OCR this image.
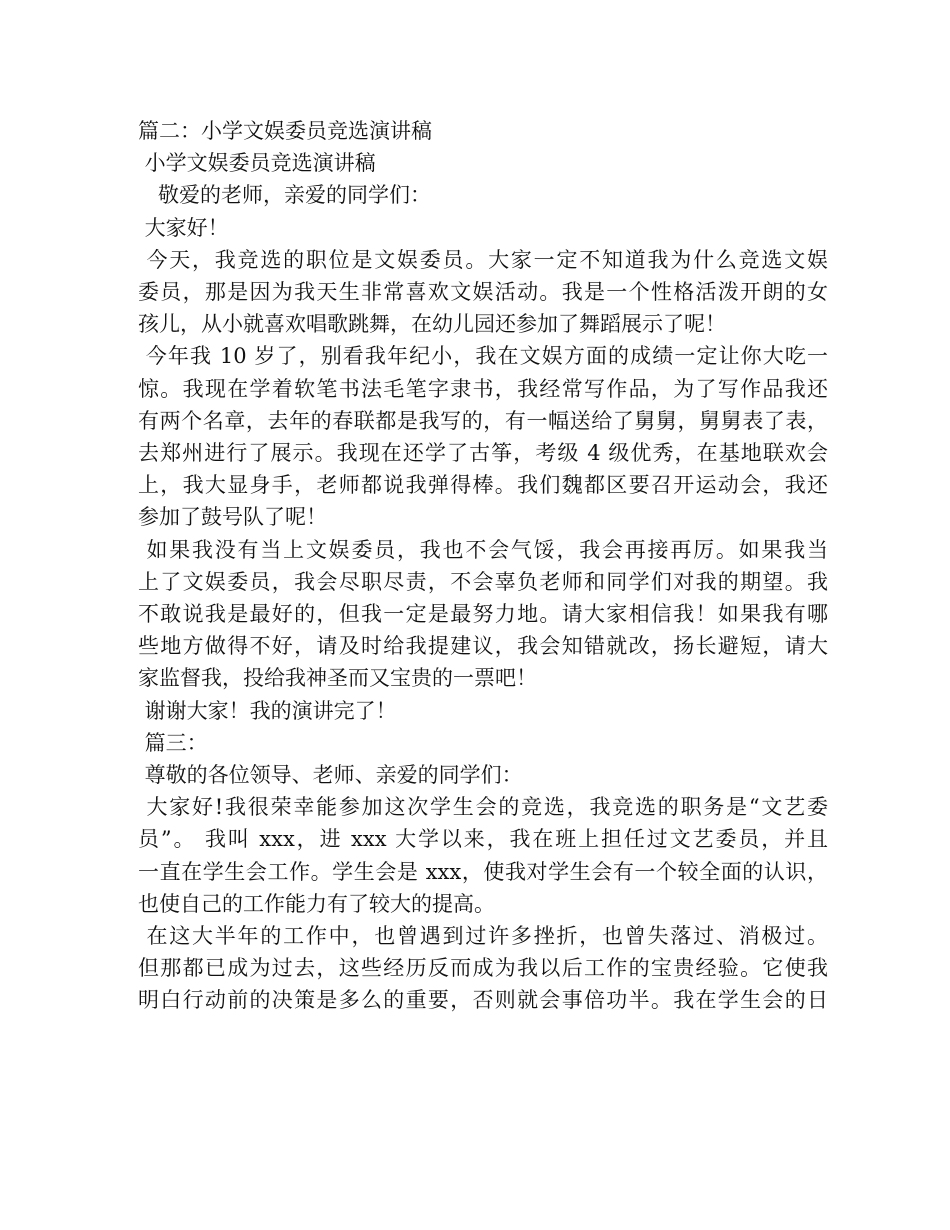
篇二：小学文娱委员竞选演讲稿
小学文娱委员竞选演讲稿
敬爱的老师，亲爱的同学们：
大家好！
今天，我竞选的职位是文娱委员。大家一定不知道我为什么竞选文娱
委员，那是因为我天生非常喜欢文娱活动。我是一个性格活泼开朗的女
孩儿，从小就喜欢唱歌跳舞，在幼儿园还参加了舞蹈展示了呢！
今年我 10 岁了，别看我年纪小，我在文娱方面的成绩一定让你大吃一
惊。我现在学着软笔书法毛笔字隶书，我经常写作品，为了写作品我还
有两个名章，去年的春联都是我写的，有一幅送给了舅舅，舅舅表了表，
去郑州进行了展示。我现在还学了古筝，考级 4 级优秀，在基地联欢会
上，我大显身手，老师都说我弹得棒。我们魏都区要召开运动会，我还
参加了鼓号队了呢！
如果我没有当上文娱委员，我也不会气馁，我会再接再厉。如果我当
上了文娱委员，我会尽职尽责，不会辜负老师和同学们对我的期望。我
不敢说我是最好的，但我一定是最努力地。请大家相信我！如果我有哪
些地方做得不好，请及时给我提建议，我会知错就改，扬长避短，请大
家监督我，投给我神圣而又宝贵的一票吧！
谢谢大家！我的演讲完了！
篇三：
尊敬的各位领导、老师、亲爱的同学们：
大家好!我很荣幸能参加这次学生会的竞选，我竞选的职务是“文艺委
员”。 我叫 xxx，进 xxx 大学以来，我在班上担任过文艺委员，并且
一直在学生会工作。学生会是 xxx，使我对学生会有一个较全面的认识，
也使自己的工作能力有了较大的提高。
在这大半年的工作中，也曾遇到过许多挫折，也曾失落过、消极过。
但那都已成为过去，这些经历反而成为我以后工作的宝贵经验。它使我
明白行动前的决策是多么的重要，否则就会事倍功半。我在学生会的日
